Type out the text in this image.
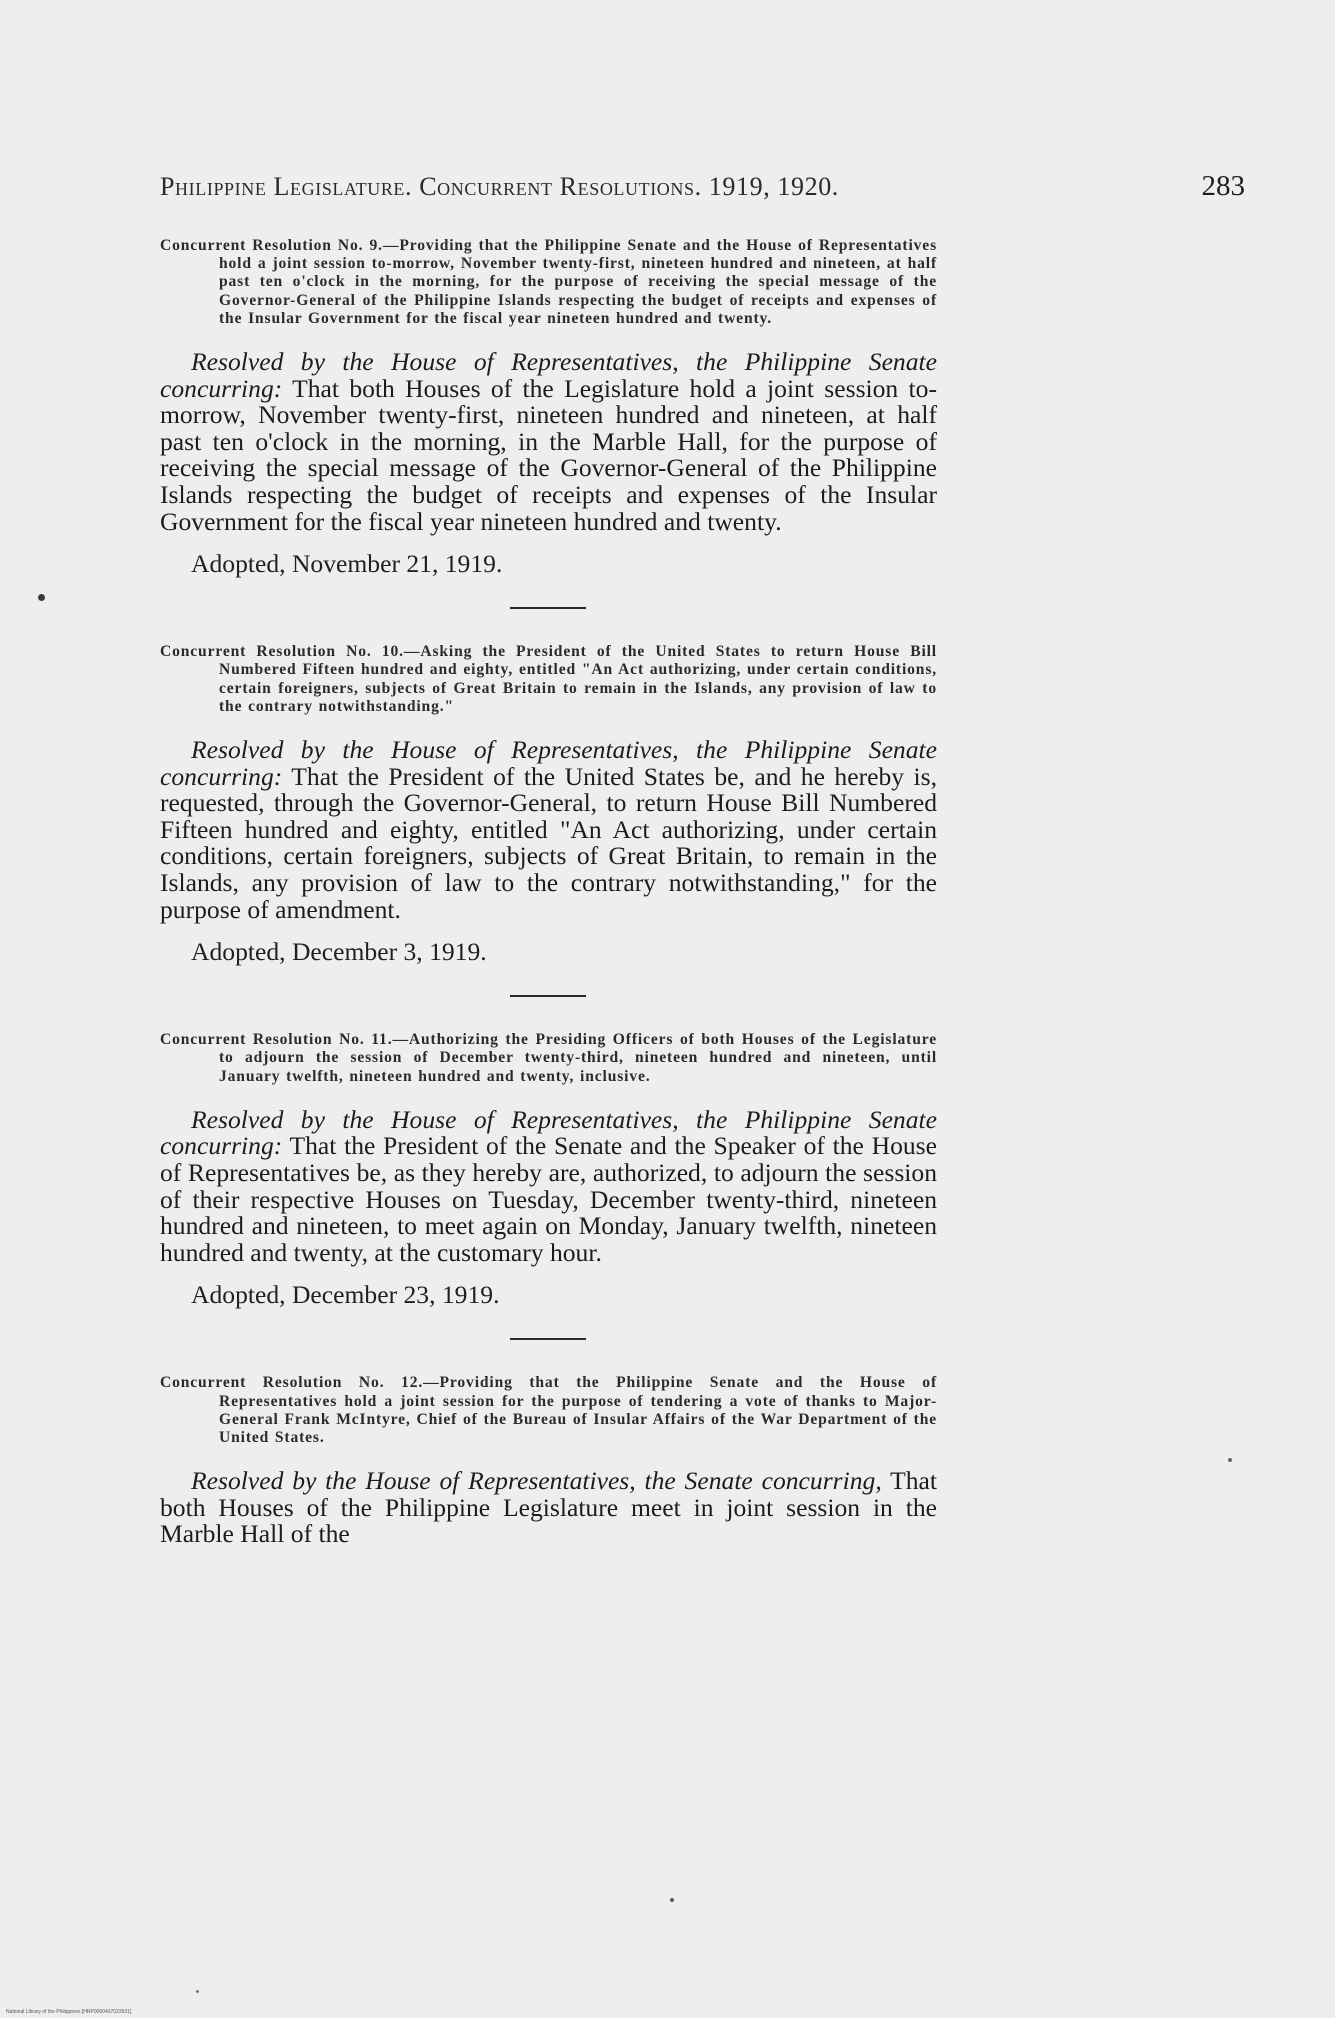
Philippine Legislature. Concurrent Resolutions. 1919, 1920.	283

Concurrent Resolution No. 9.—Providing that the Philippine Senate and the House of Representatives hold a joint session to-morrow, November twenty-first, nineteen hundred and nineteen, at half past ten o'clock in the morning, for the purpose of receiving the special message of the Governor-General of the Philippine Islands respecting the budget of receipts and expenses of the Insular Government for the fiscal year nineteen hundred and twenty.

Resolved by the House of Representatives, the Philippine Senate concurring: That both Houses of the Legislature hold a joint session to-morrow, November twenty-first, nineteen hundred and nineteen, at half past ten o'clock in the morning, in the Marble Hall, for the purpose of receiving the special message of the Governor-General of the Philippine Islands respecting the budget of receipts and expenses of the Insular Government for the fiscal year nineteen hundred and twenty.

Adopted, November 21, 1919.

Concurrent Resolution No. 10.—Asking the President of the United States to return House Bill Numbered Fifteen hundred and eighty, entitled "An Act authorizing, under certain conditions, certain foreigners, subjects of Great Britain to remain in the Islands, any provision of law to the contrary notwithstanding."

Resolved by the House of Representatives, the Philippine Senate concurring: That the President of the United States be, and he hereby is, requested, through the Governor-General, to return House Bill Numbered Fifteen hundred and eighty, entitled "An Act authorizing, under certain conditions, certain foreigners, subjects of Great Britain, to remain in the Islands, any provision of law to the contrary notwithstanding," for the purpose of amendment.

Adopted, December 3, 1919.

Concurrent Resolution No. 11.—Authorizing the Presiding Officers of both Houses of the Legislature to adjourn the session of December twenty-third, nineteen hundred and nineteen, until January twelfth, nineteen hundred and twenty, inclusive.

Resolved by the House of Representatives, the Philippine Senate concurring: That the President of the Senate and the Speaker of the House of Representatives be, as they hereby are, authorized, to adjourn the session of their respective Houses on Tuesday, December twenty-third, nineteen hundred and nineteen, to meet again on Monday, January twelfth, nineteen hundred and twenty, at the customary hour.

Adopted, December 23, 1919.

Concurrent Resolution No. 12.—Providing that the Philippine Senate and the House of Representatives hold a joint session for the purpose of tendering a vote of thanks to Major-General Frank McIntyre, Chief of the Bureau of Insular Affairs of the War Department of the United States.

Resolved by the House of Representatives, the Senate concurring, That both Houses of the Philippine Legislature meet in joint session in the Marble Hall of the

National Library of the Philippines [HRP0000437023531]
